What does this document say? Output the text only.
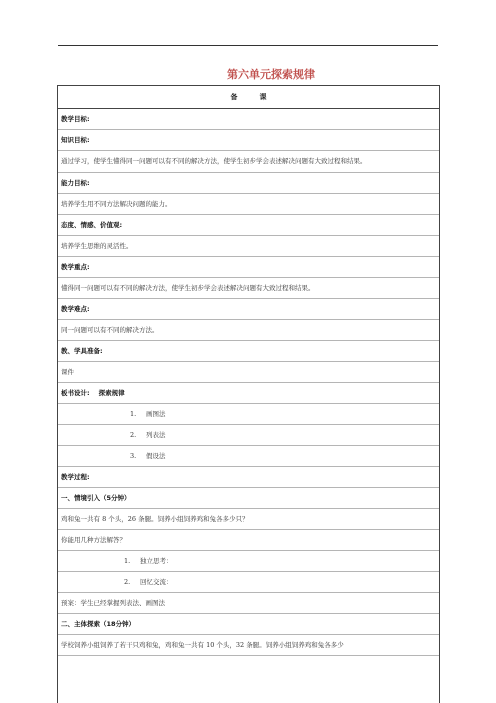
第六单元探索规律
备	课
教学目标:
知识目标:
通过学习，使学生懂得同一问题可以有不同的解决方法，使学生初步学会表述解决问题有大致过程和结果。
能力目标:
培养学生用不同方法解决问题的能力。
态度、情感、价值观:
培养学生思维的灵活性。
教学重点:
懂得同一问题可以有不同的解决方法，使学生初步学会表述解决问题有大致过程和结果。
教学难点:
同一问题可以有不同的解决方法。
教、学具准备:
课件
板书设计:    探索规律
1. 画图法
2. 列表法
3. 假设法
教学过程:
一、情境引入（5分钟）
鸡和兔一共有 8 个头，26 条腿。饲养小组饲养鸡和兔各多少只？
你能用几种方法解答？
1. 独立思考：
2. 回忆交流：
预案：学生已经掌握列表法、画图法
二、主体探索（18分钟）
学校饲养小组饲养了若干只鸡和兔，鸡和兔一共有 10 个头，32 条腿。饲养小组饲养鸡和兔各多少
